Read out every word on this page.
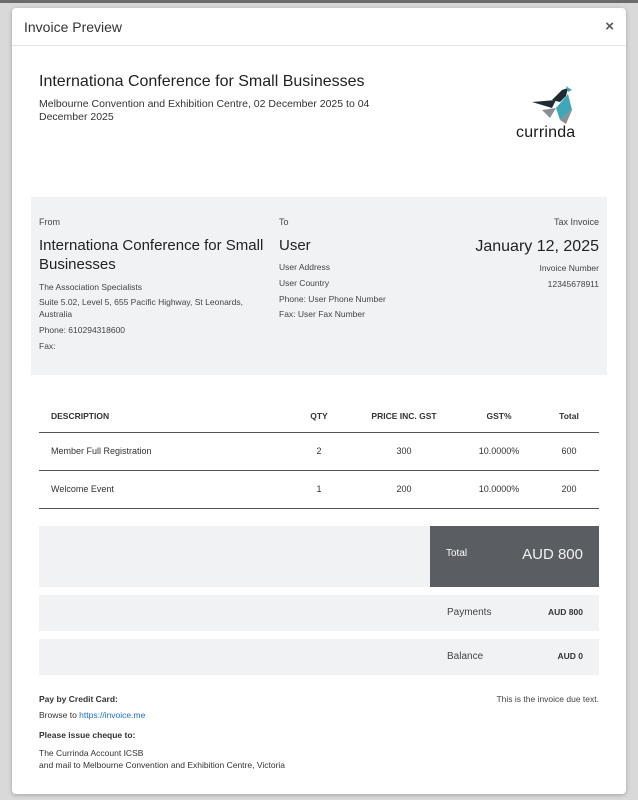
Invoice Preview	×
Internationa Conference for Small Businesses
Melbourne Convention and Exhibition Centre, 02 December 2025 to 04 December 2025
currinda
From
Internationa Conference for Small Businesses
The Association Specialists
Suite 5.02, Level 5, 655 Pacific Highway, St Leonards, Australia
Phone: 610294318600
Fax:
To
User
User Address
User Country
Phone: User Phone Number
Fax: User Fax Number
Tax Invoice
January 12, 2025
Invoice Number
12345678911
DESCRIPTION	QTY	PRICE INC. GST	GST%	Total
Member Full Registration	2	300	10.0000%	600
Welcome Event	1	200	10.0000%	200
Total	AUD 800
Payments	AUD 800
Balance	AUD 0
This is the invoice due text.
Pay by Credit Card:
Browse to https://invoice.me
Please issue cheque to:
The Currinda Account ICSB
and mail to Melbourne Convention and Exhibition Centre, Victoria
